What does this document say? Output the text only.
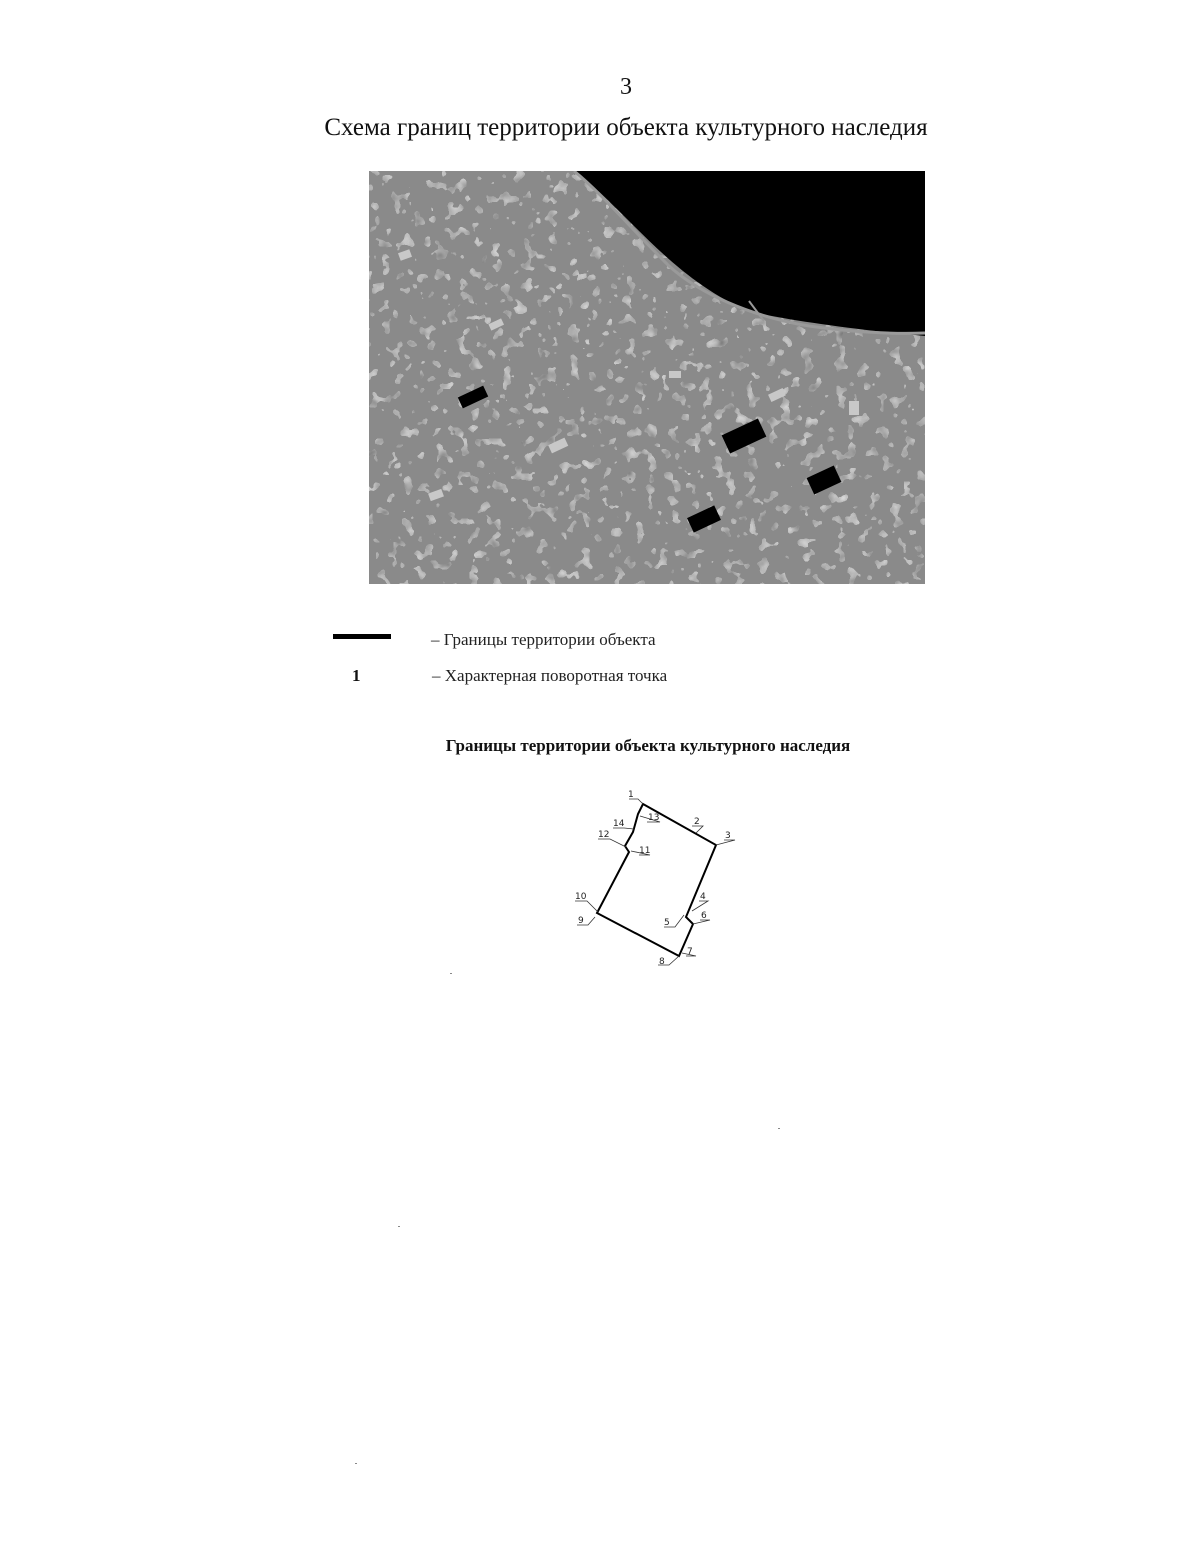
3
Схема границ территории объекта культурного наследия
– Границы территории объекта
1	– Характерная поворотная точка
Границы территории объекта культурного наследия
1
2
3
4
5
6
7
8
9
10
11
12
13
14
